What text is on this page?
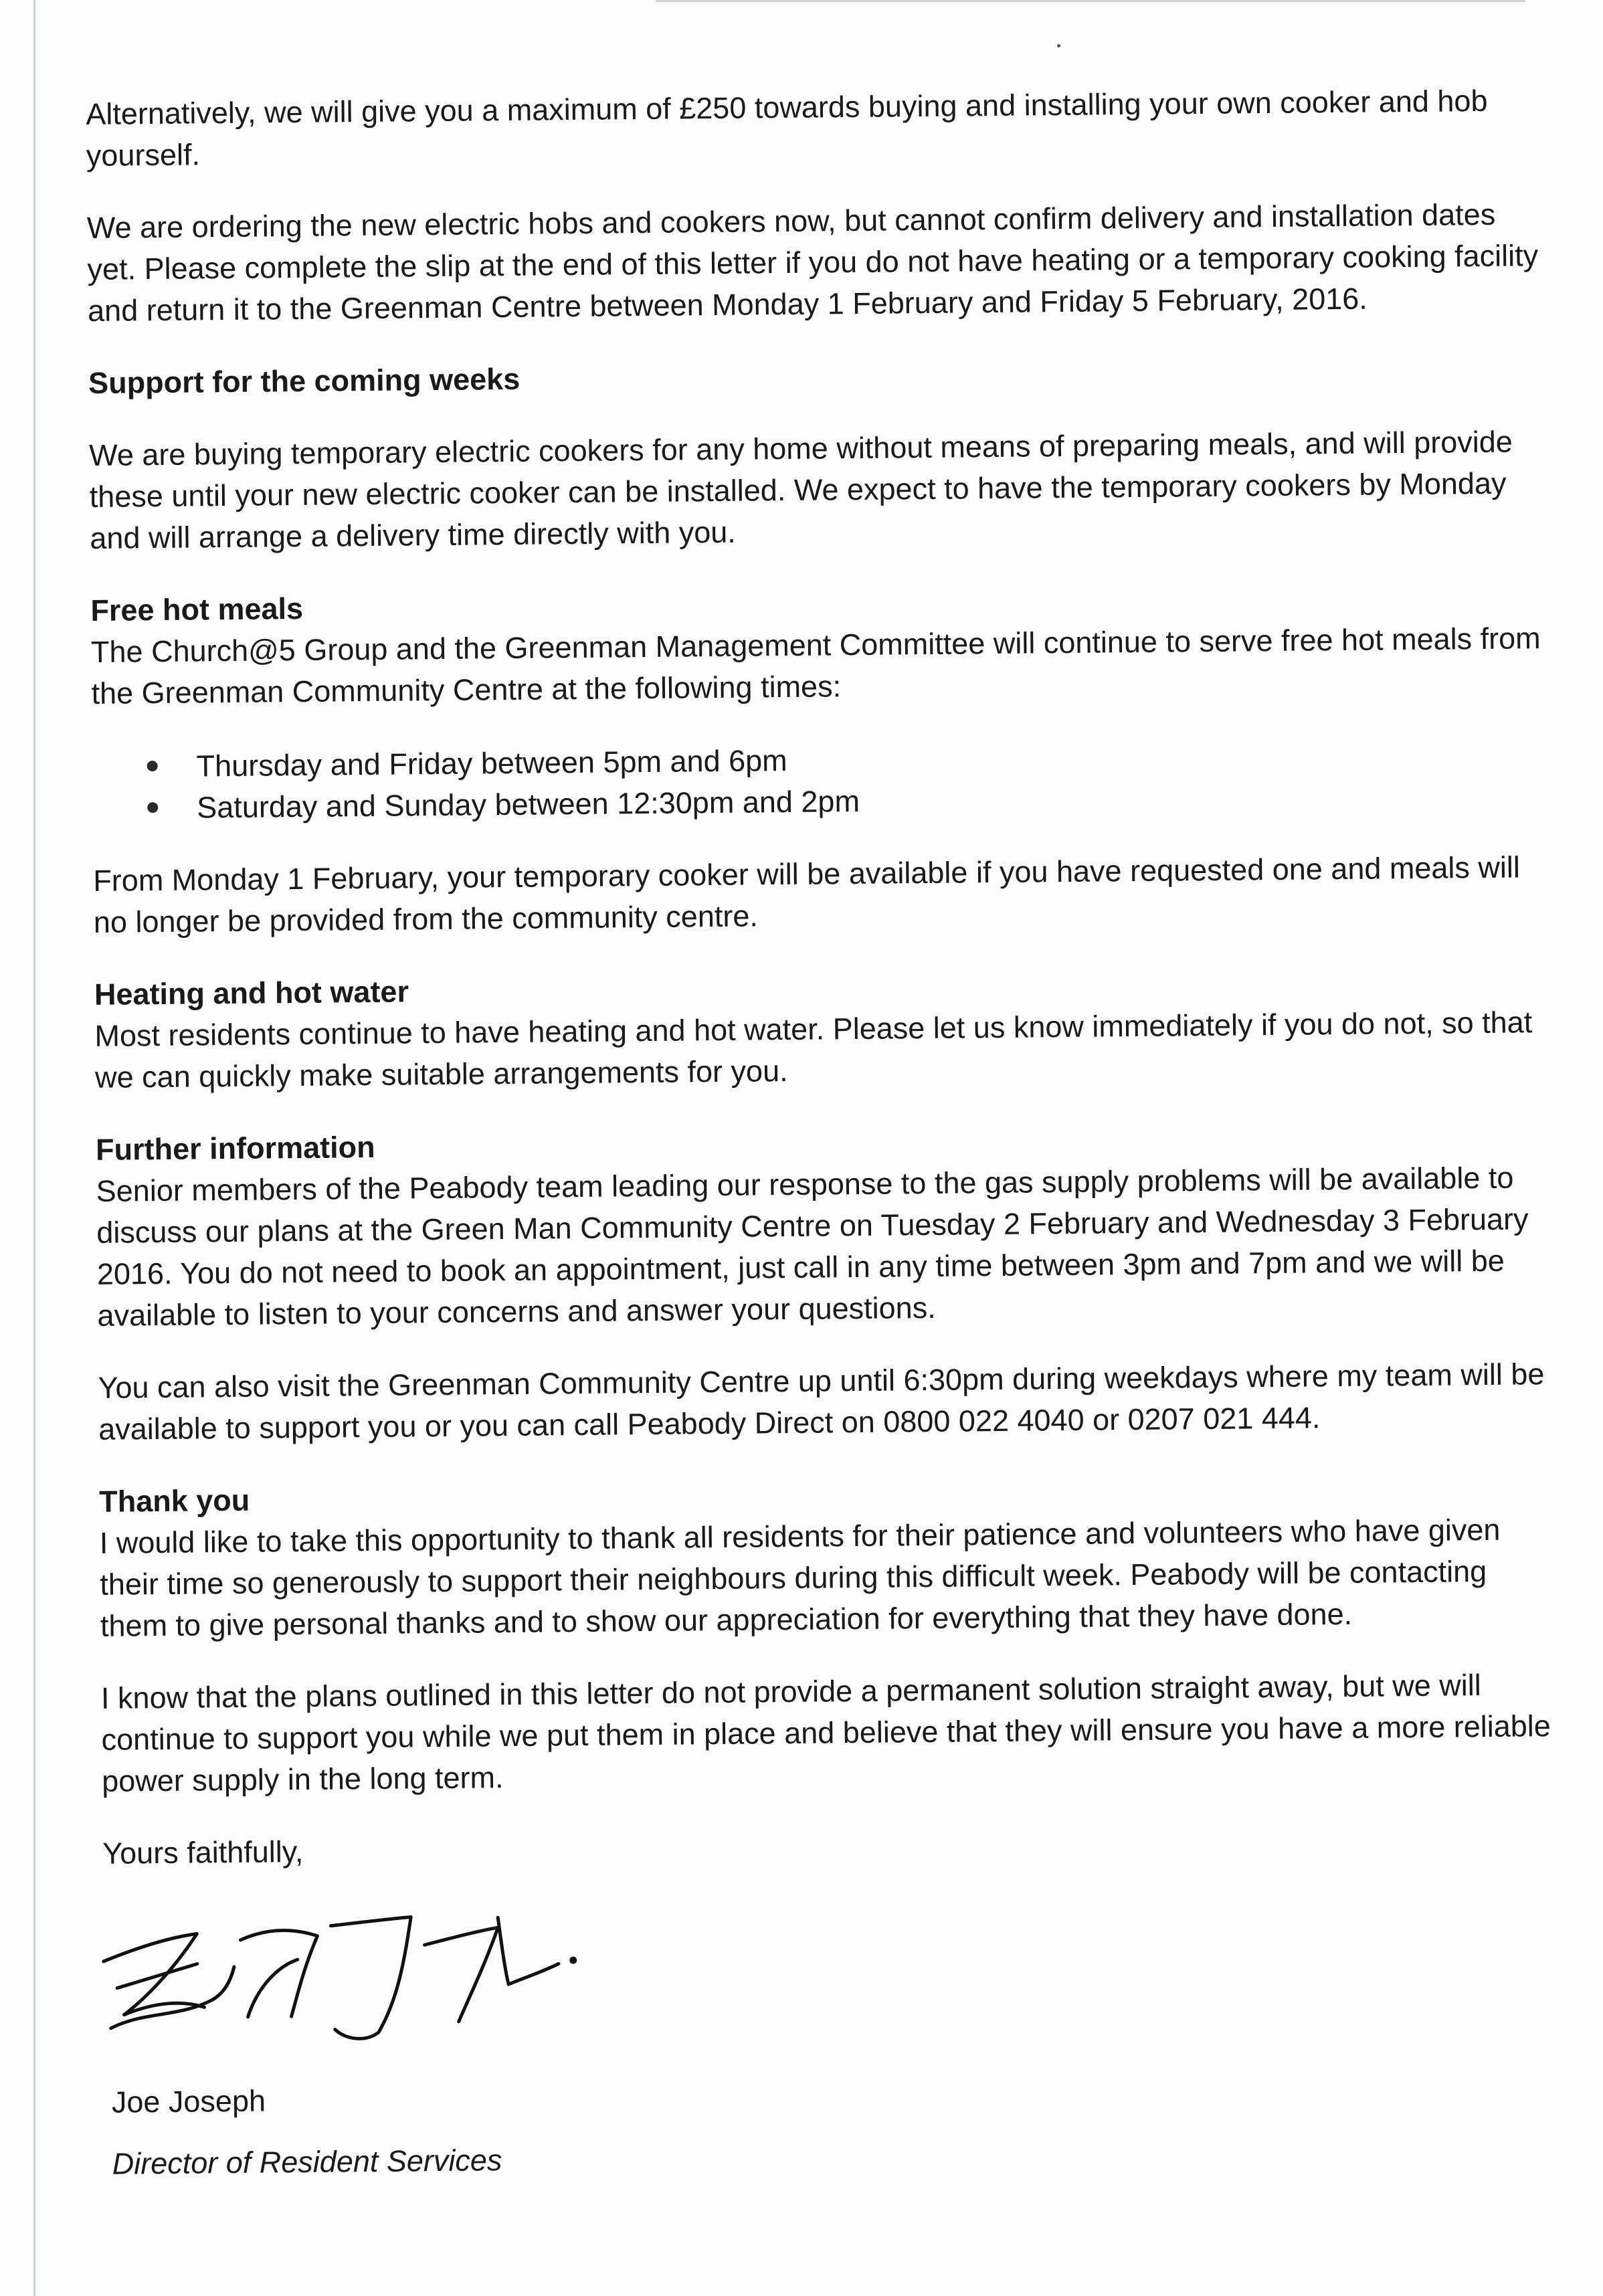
Alternatively, we will give you a maximum of £250 towards buying and installing your own cooker and hob yourself.

We are ordering the new electric hobs and cookers now, but cannot confirm delivery and installation dates yet. Please complete the slip at the end of this letter if you do not have heating or a temporary cooking facility and return it to the Greenman Centre between Monday 1 February and Friday 5 February, 2016.

Support for the coming weeks

We are buying temporary electric cookers for any home without means of preparing meals, and will provide these until your new electric cooker can be installed. We expect to have the temporary cookers by Monday and will arrange a delivery time directly with you.

Free hot meals

The Church@5 Group and the Greenman Management Committee will continue to serve free hot meals from the Greenman Community Centre at the following times:

Thursday and Friday between 5pm and 6pm
Saturday and Sunday between 12:30pm and 2pm

From Monday 1 February, your temporary cooker will be available if you have requested one and meals will no longer be provided from the community centre.

Heating and hot water

Most residents continue to have heating and hot water. Please let us know immediately if you do not, so that we can quickly make suitable arrangements for you.

Further information

Senior members of the Peabody team leading our response to the gas supply problems will be available to discuss our plans at the Green Man Community Centre on Tuesday 2 February and Wednesday 3 February 2016. You do not need to book an appointment, just call in any time between 3pm and 7pm and we will be available to listen to your concerns and answer your questions.

You can also visit the Greenman Community Centre up until 6:30pm during weekdays where my team will be available to support you or you can call Peabody Direct on 0800 022 4040 or 0207 021 444.

Thank you

I would like to take this opportunity to thank all residents for their patience and volunteers who have given their time so generously to support their neighbours during this difficult week. Peabody will be contacting them to give personal thanks and to show our appreciation for everything that they have done.

I know that the plans outlined in this letter do not provide a permanent solution straight away, but we will continue to support you while we put them in place and believe that they will ensure you have a more reliable power supply in the long term.

Yours faithfully,
Joe Joseph
Director of Resident Services
